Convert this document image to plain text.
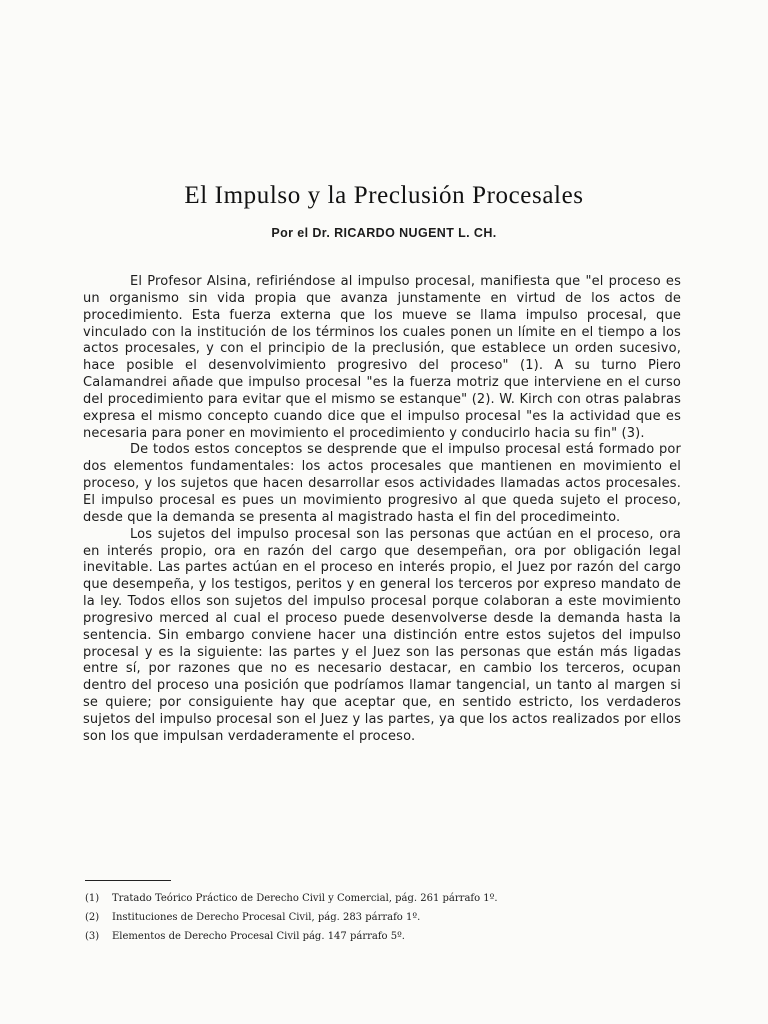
El Impulso y la Preclusión Procesales
Por el Dr. RICARDO NUGENT L. CH.

El Profesor Alsina, refiriéndose al impulso procesal, manifiesta que "el proceso es un organismo sin vida propia que avanza junstamente en virtud de los actos de procedimiento. Esta fuerza externa que los mueve se llama impulso procesal, que vinculado con la institución de los términos los cuales ponen un límite en el tiempo a los actos procesales, y con el principio de la preclusión, que establece un orden sucesivo, hace posible el desenvolvimiento progresivo del proceso" (1). A su turno Piero Calamandrei añade que impulso procesal "es la fuerza motriz que interviene en el curso del procedimiento para evitar que el mismo se estanque" (2). W. Kirch con otras palabras expresa el mismo concepto cuando dice que el impulso procesal "es la actividad que es necesaria para poner en movimiento el procedimiento y conducirlo hacia su fin" (3).

De todos estos conceptos se desprende que el impulso procesal está formado por dos elementos fundamentales: los actos procesales que mantienen en movimiento el proceso, y los sujetos que hacen desarrollar esos actividades llamadas actos procesales. El impulso procesal es pues un movimiento progresivo al que queda sujeto el proceso, desde que la demanda se presenta al magistrado hasta el fin del procedimeinto.

Los sujetos del impulso procesal son las personas que actúan en el proceso, ora en interés propio, ora en razón del cargo que desempeñan, ora por obligación legal inevitable. Las partes actúan en el proceso en interés propio, el Juez por razón del cargo que desempeña, y los testigos, peritos y en general los terceros por expreso mandato de la ley. Todos ellos son sujetos del impulso procesal porque colaboran a este movimiento progresivo merced al cual el proceso puede desenvolverse desde la demanda hasta la sentencia. Sin embargo conviene hacer una distinción entre estos sujetos del impulso procesal y es la siguiente: las partes y el Juez son las personas que están más ligadas entre sí, por razones que no es necesario destacar, en cambio los terceros, ocupan dentro del proceso una posición que podríamos llamar tangencial, un tanto al margen si se quiere; por consiguiente hay que aceptar que, en sentido estricto, los verdaderos sujetos del impulso procesal son el Juez y las partes, ya que los actos realizados por ellos son los que impulsan verdaderamente el proceso.

(1) Tratado Teórico Práctico de Derecho Civil y Comercial, pág. 261 párrafo 1º.
(2) Instituciones de Derecho Procesal Civil, pág. 283 párrafo 1º.
(3) Elementos de Derecho Procesal Civil pág. 147 párrafo 5º.
